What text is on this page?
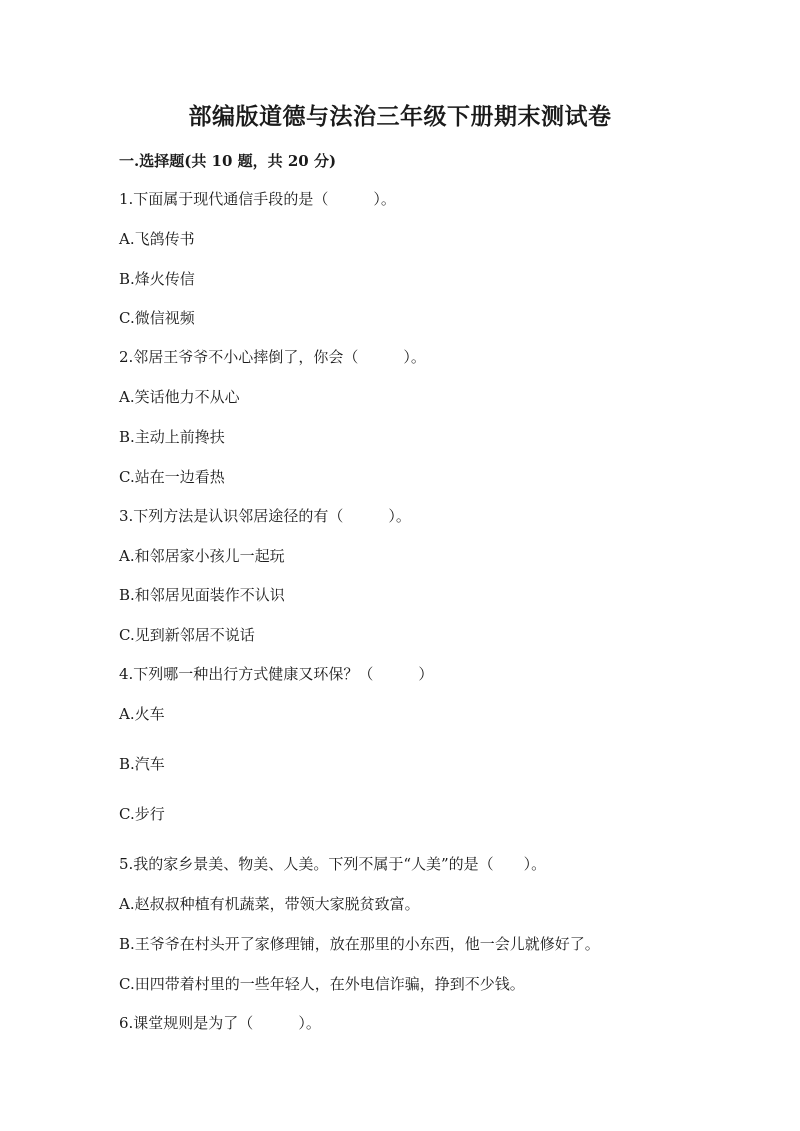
部编版道德与法治三年级下册期末测试卷
一.选择题(共 10 题，共 20 分)
1.下面属于现代通信手段的是（　　　）。
A.飞鸽传书
B.烽火传信
C.微信视频
2.邻居王爷爷不小心摔倒了，你会（　　　）。
A.笑话他力不从心
B.主动上前搀扶
C.站在一边看热
3.下列方法是认识邻居途径的有（　　　）。
A.和邻居家小孩儿一起玩
B.和邻居见面装作不认识
C.见到新邻居不说话
4.下列哪一种出行方式健康又环保？（　　　）
A.火车
B.汽车
C.步行
5.我的家乡景美、物美、人美。下列不属于“人美”的是（　　）。
A.赵叔叔种植有机蔬菜，带领大家脱贫致富。
B.王爷爷在村头开了家修理铺，放在那里的小东西，他一会儿就修好了。
C.田四带着村里的一些年轻人，在外电信诈骗，挣到不少钱。
6.课堂规则是为了（　　　）。
